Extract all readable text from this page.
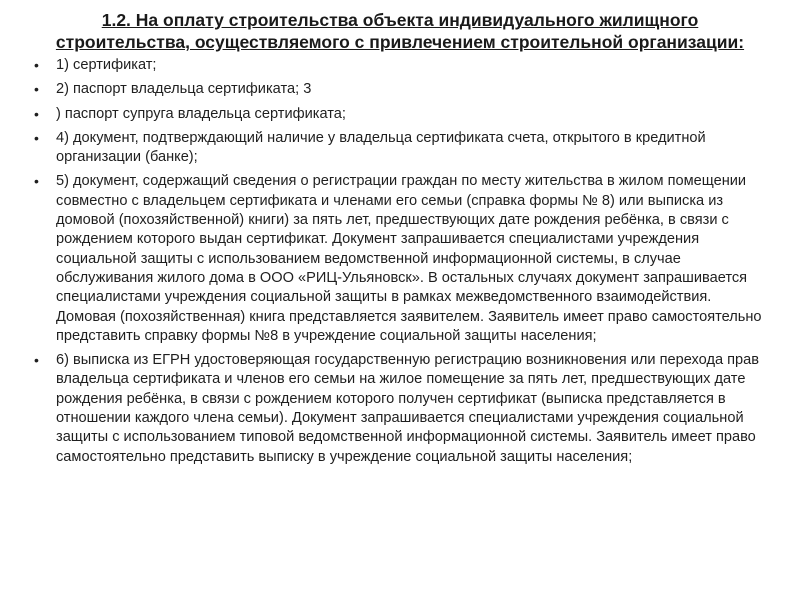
1.2. На оплату строительства объекта индивидуального жилищного строительства, осуществляемого с привлечением строительной организации:
• 1) сертификат;
• 2) паспорт владельца сертификата; 3
• ) паспорт супруга владельца сертификата;
• 4) документ, подтверждающий наличие у владельца сертификата счета, открытого в кредитной организации (банке);
• 5) документ, содержащий сведения о регистрации граждан по месту жительства в жилом помещении совместно с владельцем сертификата и членами его семьи (справка формы № 8) или выписка из домовой (похозяйственной) книги) за пять лет, предшествующих дате рождения ребёнка, в связи с рождением которого выдан сертификат. Документ запрашивается специалистами учреждения социальной защиты с использованием ведомственной информационной системы, в случае обслуживания жилого дома в ООО «РИЦ-Ульяновск». В остальных случаях документ запрашивается специалистами учреждения социальной защиты в рамках межведомственного взаимодействия. Домовая (похозяйственная) книга представляется заявителем. Заявитель имеет право самостоятельно представить справку формы №8 в учреждение социальной защиты населения;
• 6) выписка из ЕГРН удостоверяющая государственную регистрацию возникновения или перехода прав владельца сертификата и членов его семьи на жилое помещение за пять лет, предшествующих дате рождения ребёнка, в связи с рождением которого получен сертификат (выписка представляется в отношении каждого члена семьи). Документ запрашивается специалистами учреждения социальной защиты с использованием типовой ведомственной информационной системы. Заявитель имеет право самостоятельно представить выписку в учреждение социальной защиты населения;
